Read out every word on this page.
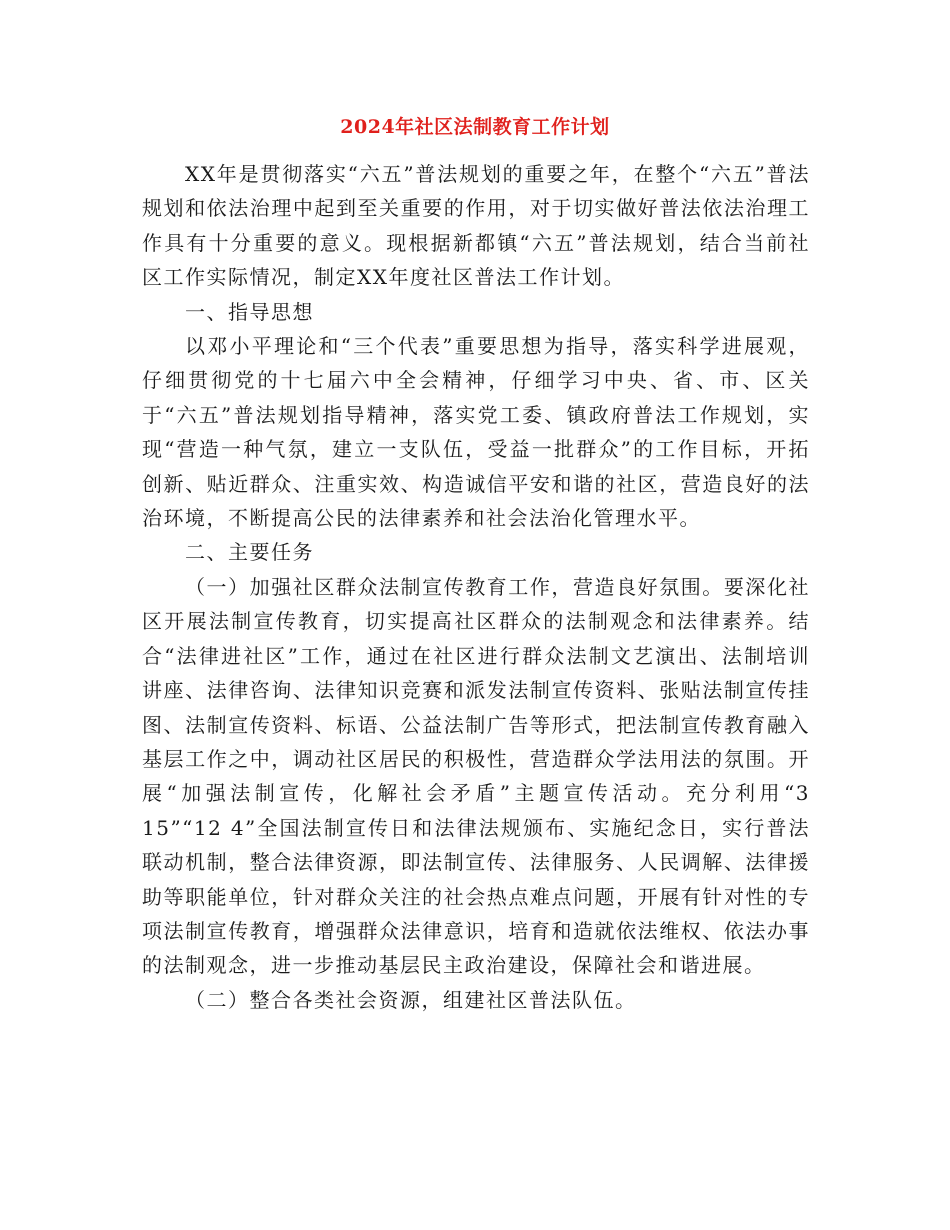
2024年社区法制教育工作计划

XX年是贯彻落实“六五”普法规划的重要之年，在整个“六五”普法规划和依法治理中起到至关重要的作用，对于切实做好普法依法治理工作具有十分重要的意义。现根据新都镇“六五”普法规划，结合当前社区工作实际情况，制定XX年度社区普法工作计划。

一、指导思想

以邓小平理论和“三个代表”重要思想为指导，落实科学进展观，仔细贯彻党的十七届六中全会精神，仔细学习中央、省、市、区关于“六五”普法规划指导精神，落实党工委、镇政府普法工作规划，实现“营造一种气氛，建立一支队伍，受益一批群众”的工作目标，开拓创新、贴近群众、注重实效、构造诚信平安和谐的社区，营造良好的法治环境，不断提高公民的法律素养和社会法治化管理水平。

二、主要任务

（一）加强社区群众法制宣传教育工作，营造良好氛围。要深化社区开展法制宣传教育，切实提高社区群众的法制观念和法律素养。结合“法律进社区”工作，通过在社区进行群众法制文艺演出、法制培训讲座、法律咨询、法律知识竞赛和派发法制宣传资料、张贴法制宣传挂图、法制宣传资料、标语、公益法制广告等形式，把法制宣传教育融入基层工作之中，调动社区居民的积极性，营造群众学法用法的氛围。开展“加强法制宣传，化解社会矛盾”主题宣传活动。充分利用“3 15”“12 4”全国法制宣传日和法律法规颁布、实施纪念日，实行普法联动机制，整合法律资源，即法制宣传、法律服务、人民调解、法律援助等职能单位，针对群众关注的社会热点难点问题，开展有针对性的专项法制宣传教育，增强群众法律意识，培育和造就依法维权、依法办事的法制观念，进一步推动基层民主政治建设，保障社会和谐进展。

（二）整合各类社会资源，组建社区普法队伍。
